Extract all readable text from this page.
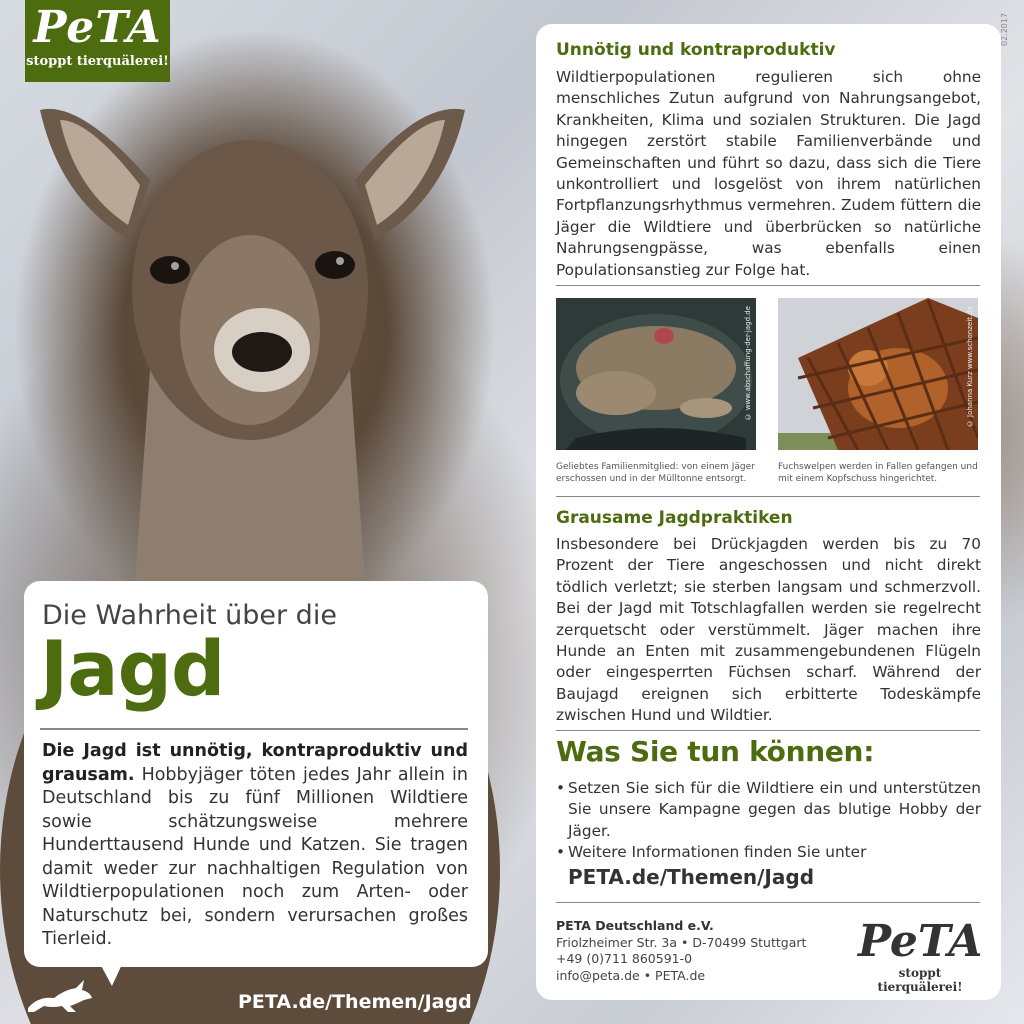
PeTA
stoppt tierquälerei!
Die Wahrheit über die
Jagd
Die Jagd ist unnötig, kontraproduktiv und grausam. Hobbyjäger töten jedes Jahr allein in Deutschland bis zu fünf Millionen Wildtiere sowie schätzungsweise mehrere Hunderttausend Hunde und Katzen. Sie tragen damit weder zur nachhaltigen Regulation von Wildtierpopulationen noch zum Arten- oder Naturschutz bei, sondern verursachen großes Tierleid.
PETA.de/Themen/Jagd
02.2017
Unnötig und kontraproduktiv
Wildtierpopulationen regulieren sich ohne menschliches Zutun aufgrund von Nahrungsangebot, Krankheiten, Klima und sozialen Strukturen. Die Jagd hingegen zerstört stabile Familienverbände und Gemeinschaften und führt so dazu, dass sich die Tiere unkontrolliert und losgelöst von ihrem natürlichen Fortpflanzungsrhythmus vermehren. Zudem füttern die Jäger die Wildtiere und überbrücken so natürliche Nahrungsengpässe, was ebenfalls einen Populationsanstieg zur Folge hat.
© www.abschaffung-der-jagd.de
Geliebtes Familienmitglied: von einem Jäger erschossen und in der Mülltonne entsorgt.
© Johanna Kurz www.schonzeit.de
Fuchswelpen werden in Fallen gefangen und mit einem Kopfschuss hingerichtet.
Grausame Jagdpraktiken
Insbesondere bei Drückjagden werden bis zu 70 Prozent der Tiere angeschossen und nicht direkt tödlich verletzt; sie sterben langsam und schmerzvoll. Bei der Jagd mit Totschlagfallen werden sie regelrecht zerquetscht oder verstümmelt. Jäger machen ihre Hunde an Enten mit zusammengebundenen Flügeln oder eingesperrten Füchsen scharf. Während der Baujagd ereignen sich erbitterte Todeskämpfe zwischen Hund und Wildtier.
Was Sie tun können:
• Setzen Sie sich für die Wildtiere ein und unterstützen Sie unsere Kampagne gegen das blutige Hobby der Jäger.
• Weitere Informationen finden Sie unter
PETA.de/Themen/Jagd
PETA Deutschland e.V.
Friolzheimer Str. 3a • D-70499 Stuttgart
+49 (0)711 860591-0
info@peta.de • PETA.de
PeTA
stoppt tierquälerei!
